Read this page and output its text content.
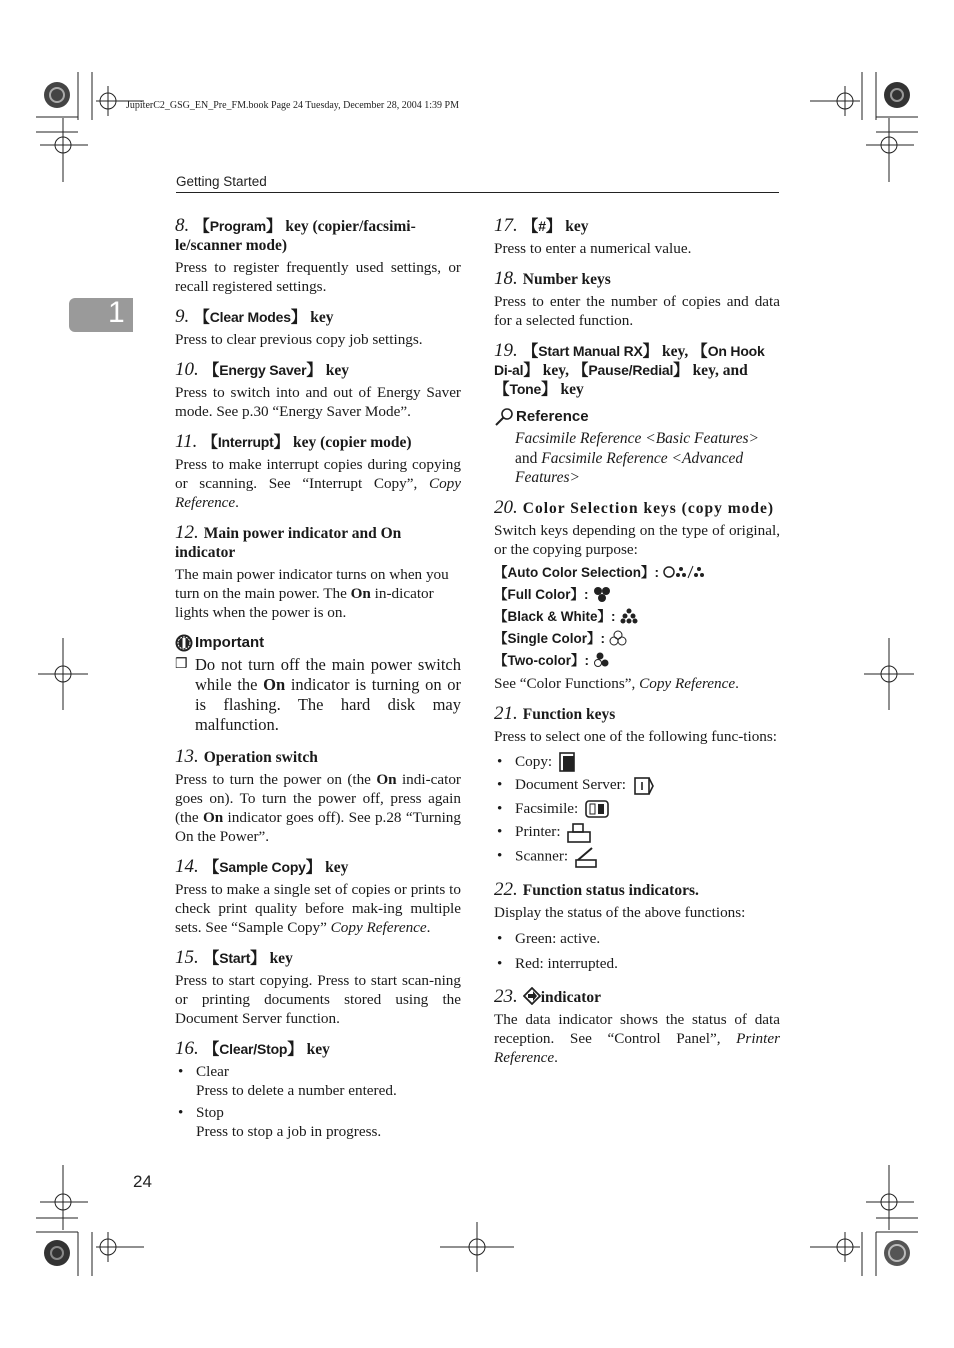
JupiterC2_GSG_EN_Pre_FM.book Page 24 Tuesday, December 28, 2004 1:39 PM
Getting Started
1
24
8. 【Program】 key (copier/facsimi-le/scanner mode)
Press to register frequently used settings, or recall registered settings.
9. 【Clear Modes】 key
Press to clear previous copy job settings.
10. 【Energy Saver】 key
Press to switch into and out of Energy Saver mode. See p.30 “Energy Saver Mode”.
11. 【Interrupt】 key (copier mode)
Press to make interrupt copies during copying or scanning. See “Interrupt Copy”, Copy Reference.
12. Main power indicator and On indicator
The main power indicator turns on when you turn on the main power. The On in-dicator lights when the power is on.
Important
❒ Do not turn off the main power switch while the On indicator is turning on or is flashing. The hard disk may malfunction.
13. Operation switch
Press to turn the power on (the On indi-cator goes on). To turn the power off, press again (the On indicator goes off). See p.28 “Turning On the Power”.
14. 【Sample Copy】 key
Press to make a single set of copies or prints to check print quality before mak-ing multiple sets. See “Sample Copy” Copy Reference.
15. 【Start】 key
Press to start copying. Press to start scan-ning or printing documents stored using the Document Server function.
16. 【Clear/Stop】 key
• Clear
Press to delete a number entered.
• Stop
Press to stop a job in progress.
17. 【#】 key
Press to enter a numerical value.
18. Number keys
Press to enter the number of copies and data for a selected function.
19. 【Start Manual RX】 key, 【On Hook Di-al】 key, 【Pause/Redial】 key, and 【Tone】 key
Reference
Facsimile Reference <Basic Features> and Facsimile Reference <Advanced Features>
20. Color Selection keys (copy mode)
Switch keys depending on the type of original, or the copying purpose:
【 Auto Color Selection 】:
【 Full Color 】:
【 Black & White 】:
【 Single Color 】:
【 Two-color 】:
See “Color Functions”, Copy Reference.
21. Function keys
Press to select one of the following func-tions:
• Copy:
• Document Server:
• Facsimile:
• Printer:
• Scanner:
22. Function status indicators.
Display the status of the above functions:
• Green: active.
• Red: interrupted.
23. indicator
The data indicator shows the status of data reception. See “Control Panel”, Printer Reference.
